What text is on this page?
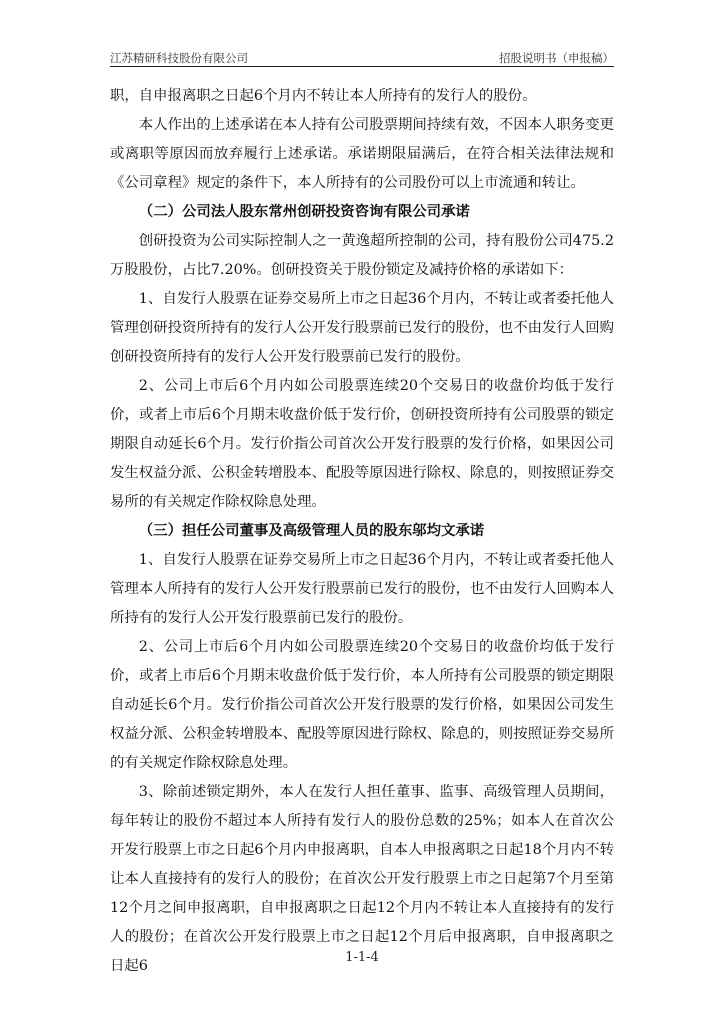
江苏精研科技股份有限公司	招股说明书（申报稿）

职，自申报离职之日起6个月内不转让本人所持有的发行人的股份。

本人作出的上述承诺在本人持有公司股票期间持续有效，不因本人职务变更或离职等原因而放弃履行上述承诺。承诺期限届满后，在符合相关法律法规和《公司章程》规定的条件下，本人所持有的公司股份可以上市流通和转让。

（二）公司法人股东常州创研投资咨询有限公司承诺

创研投资为公司实际控制人之一黄逸超所控制的公司，持有股份公司475.2万股股份，占比7.20%。创研投资关于股份锁定及减持价格的承诺如下：

1、自发行人股票在证券交易所上市之日起36个月内，不转让或者委托他人管理创研投资所持有的发行人公开发行股票前已发行的股份，也不由发行人回购创研投资所持有的发行人公开发行股票前已发行的股份。

2、公司上市后6个月内如公司股票连续20个交易日的收盘价均低于发行价，或者上市后6个月期末收盘价低于发行价，创研投资所持有公司股票的锁定期限自动延长6个月。发行价指公司首次公开发行股票的发行价格，如果因公司发生权益分派、公积金转增股本、配股等原因进行除权、除息的，则按照证券交易所的有关规定作除权除息处理。

（三）担任公司董事及高级管理人员的股东邬均文承诺

1、自发行人股票在证券交易所上市之日起36个月内，不转让或者委托他人管理本人所持有的发行人公开发行股票前已发行的股份，也不由发行人回购本人所持有的发行人公开发行股票前已发行的股份。

2、公司上市后6个月内如公司股票连续20个交易日的收盘价均低于发行价，或者上市后6个月期末收盘价低于发行价，本人所持有公司股票的锁定期限自动延长6个月。发行价指公司首次公开发行股票的发行价格，如果因公司发生权益分派、公积金转增股本、配股等原因进行除权、除息的，则按照证券交易所的有关规定作除权除息处理。

3、除前述锁定期外，本人在发行人担任董事、监事、高级管理人员期间，每年转让的股份不超过本人所持有发行人的股份总数的25%；如本人在首次公开发行股票上市之日起6个月内申报离职，自本人申报离职之日起18个月内不转让本人直接持有的发行人的股份；在首次公开发行股票上市之日起第7个月至第12个月之间申报离职，自申报离职之日起12个月内不转让本人直接持有的发行人的股份；在首次公开发行股票上市之日起12个月后申报离职，自申报离职之日起6

1-1-4
